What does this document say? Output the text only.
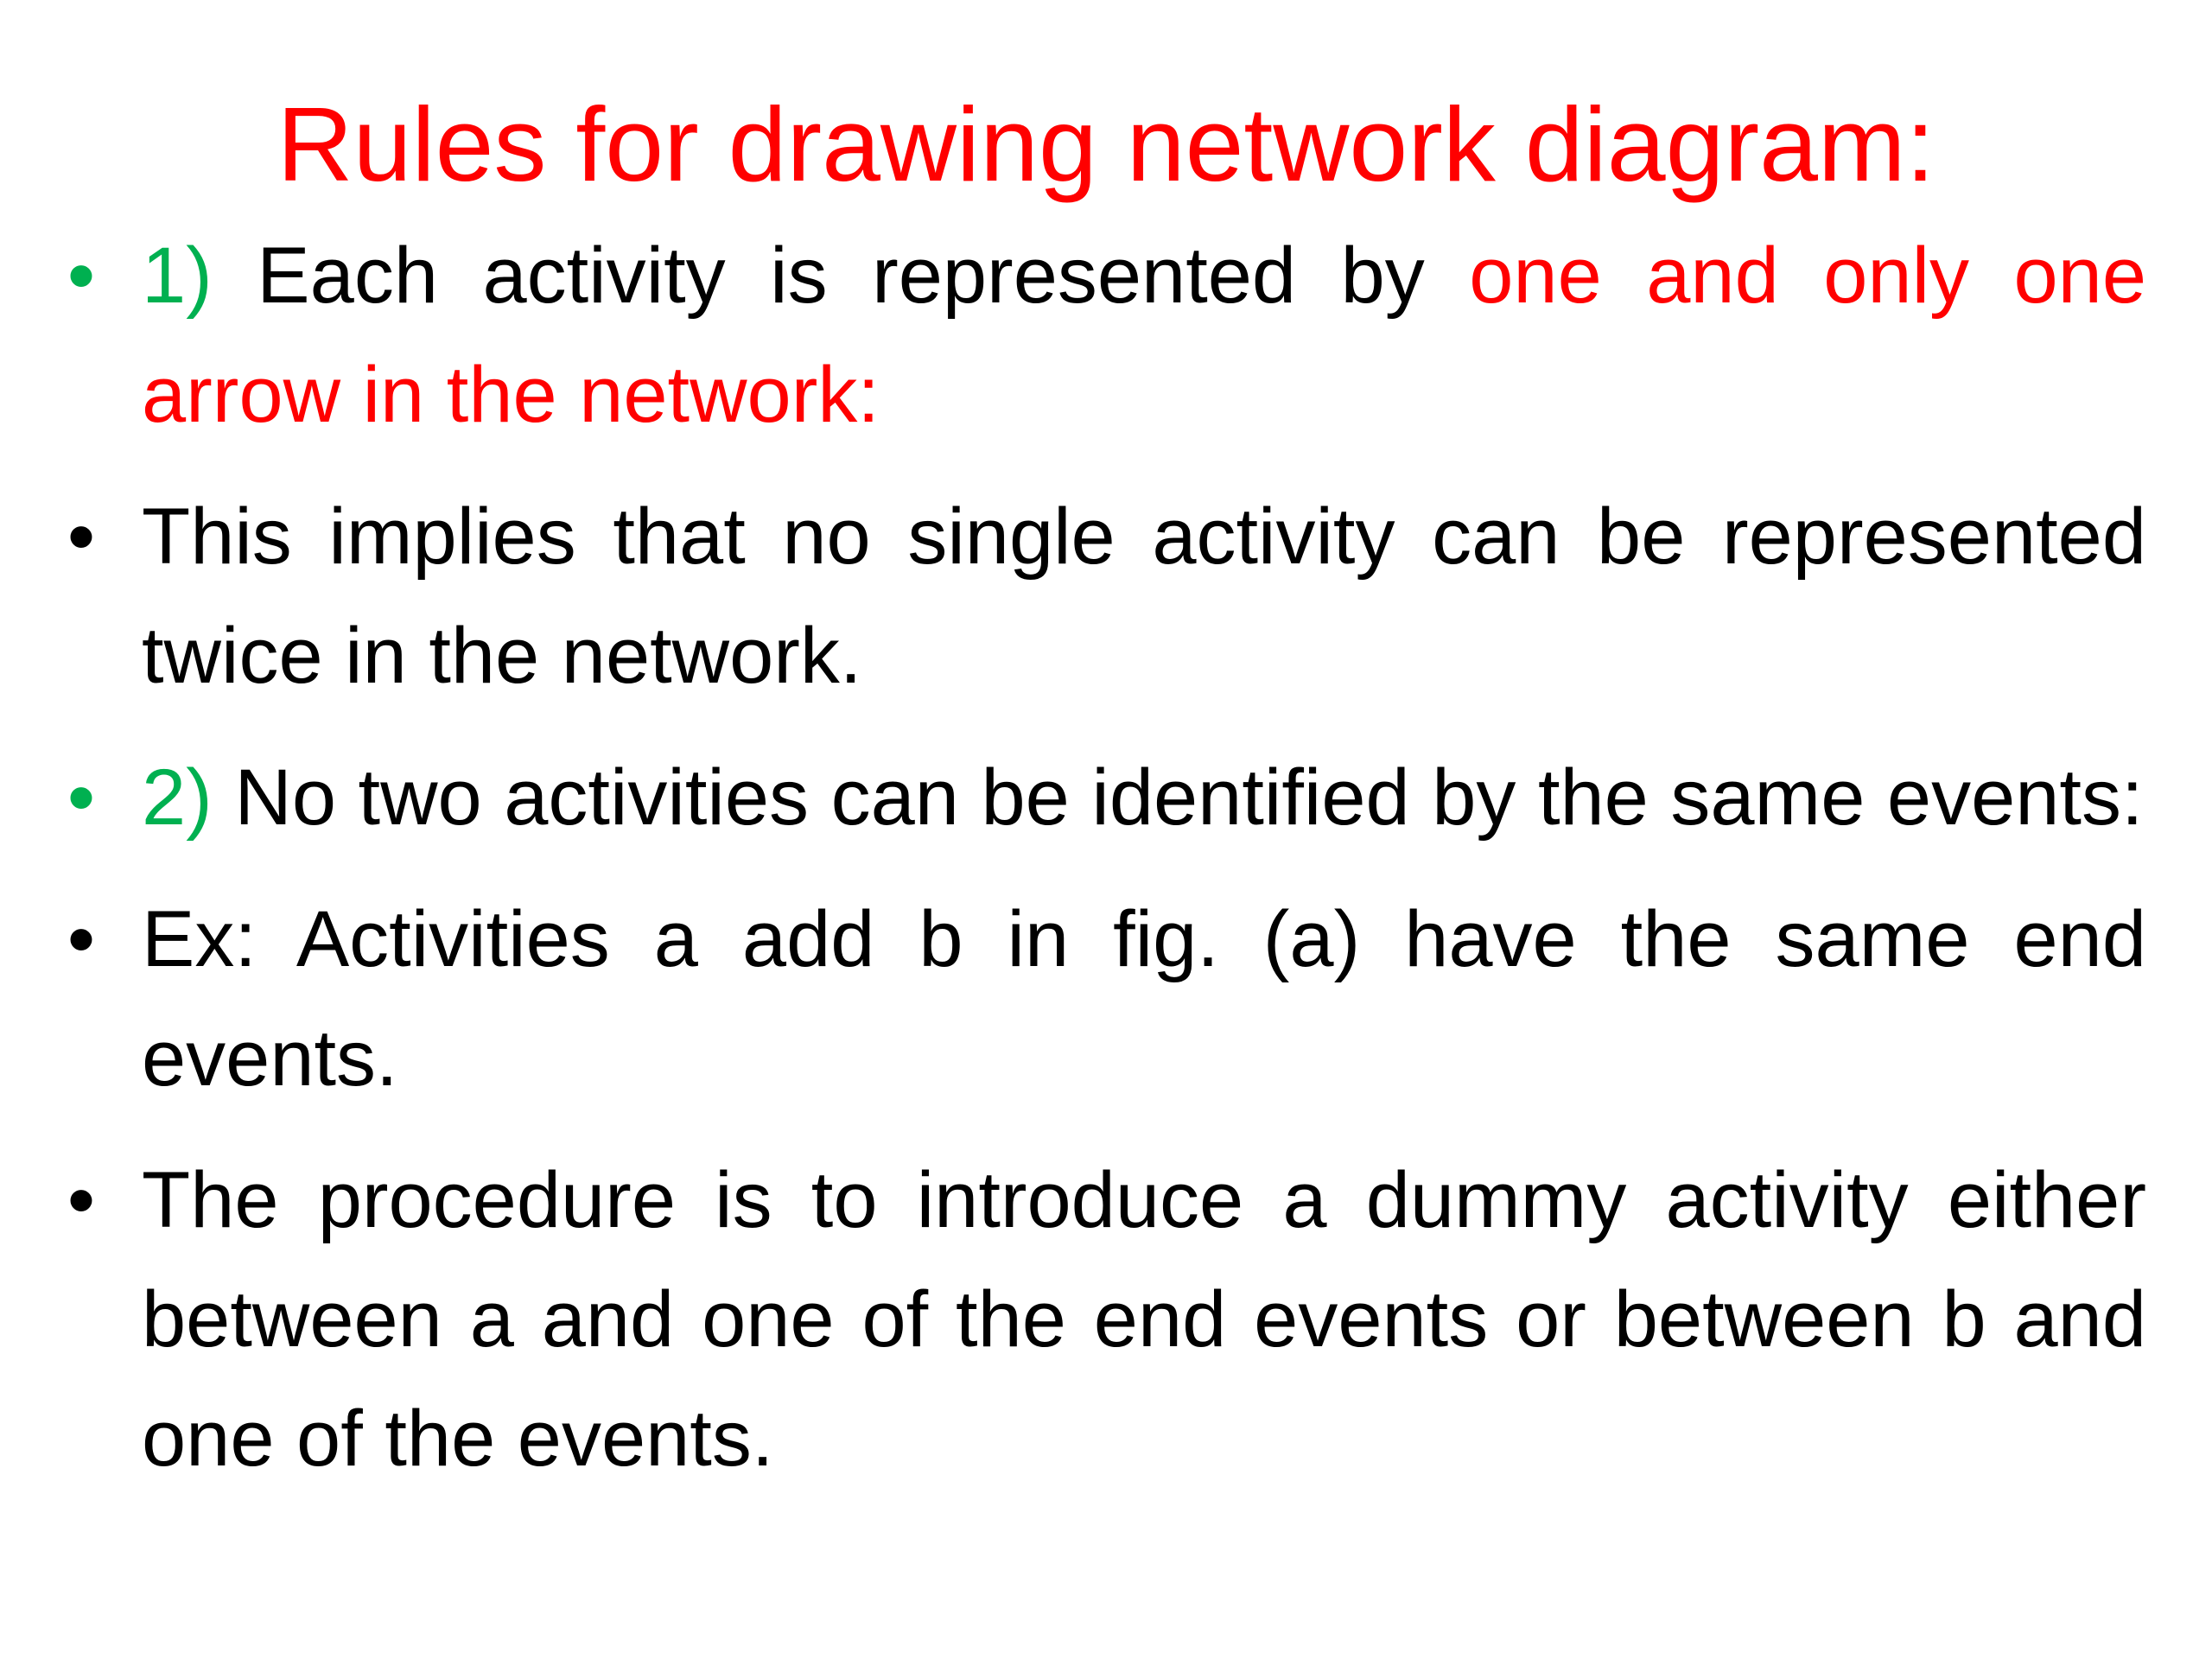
Rules for drawing network diagram:
• 1) Each activity is represented by one and only one arrow in the network:
• This implies that no single activity can be represented twice in the network.
• 2) No two activities can be identified by the same events:
• Ex: Activities a add b in fig. (a) have the same end events.
• The procedure is to introduce a dummy activity either between a and one of the end events or between b and one of the events.
